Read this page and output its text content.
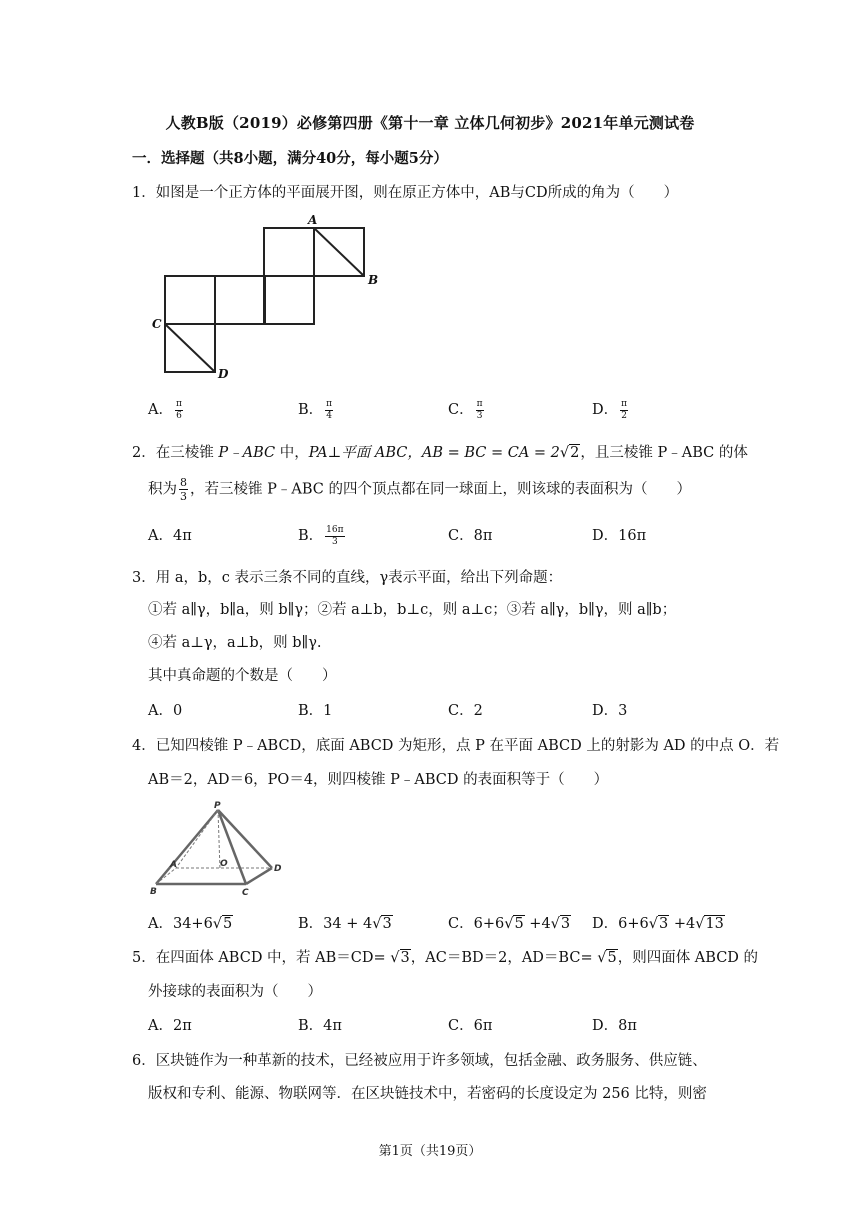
人教B版（2019）必修第四册《第十一章 立体几何初步》2021年单元测试卷
一．选择题（共8小题，满分40分，每小题5分）
1．如图是一个正方体的平面展开图，则在原正方体中，AB与CD所成的角为（　　）
A
B
C
D
A． $\frac{\pi}{6}$	B． $\frac{\pi}{4}$	C． $\frac{\pi}{3}$	D． $\frac{\pi}{2}$
2．在三棱锥 P﹣ABC 中，PA⊥平面 ABC，AB = BC = CA = 2√2，且三棱锥 P﹣ABC 的体
积为 $\frac{8}{3}$ ，若三棱锥 P﹣ABC 的四个顶点都在同一球面上，则该球的表面积为（　　）
A．4π	B． $\frac{16\pi}{3}$	C．8π	D．16π
3．用 a，b，c 表示三条不同的直线，γ表示平面，给出下列命题：
①若 a∥γ，b∥a，则 b∥γ；②若 a⊥b，b⊥c，则 a⊥c；③若 a∥γ，b∥γ，则 a∥b；
④若 a⊥γ，a⊥b，则 b∥γ.
其中真命题的个数是（　　）
A．0	B．1	C．2	D．3
4．已知四棱锥 P﹣ABCD，底面 ABCD 为矩形，点 P 在平面 ABCD 上的射影为 AD 的中点 O．若
AB＝2，AD＝6，PO＝4，则四棱锥 P﹣ABCD 的表面积等于（　　）
P
A
B	C
D
O
A．34+6√5	B．34 + 4√3	C．6+6√5 +4√3 D．6+6√3 +4√13
5．在四面体 ABCD 中，若 AB＝CD= √3，AC＝BD＝2，AD＝BC= √5，则四面体 ABCD 的
外接球的表面积为（　　）
A．2π	B．4π	C．6π	D．8π
6．区块链作为一种革新的技术，已经被应用于许多领域，包括金融、政务服务、供应链、
版权和专利、能源、物联网等．在区块链技术中，若密码的长度设定为 256 比特，则密
第1页（共19页）
